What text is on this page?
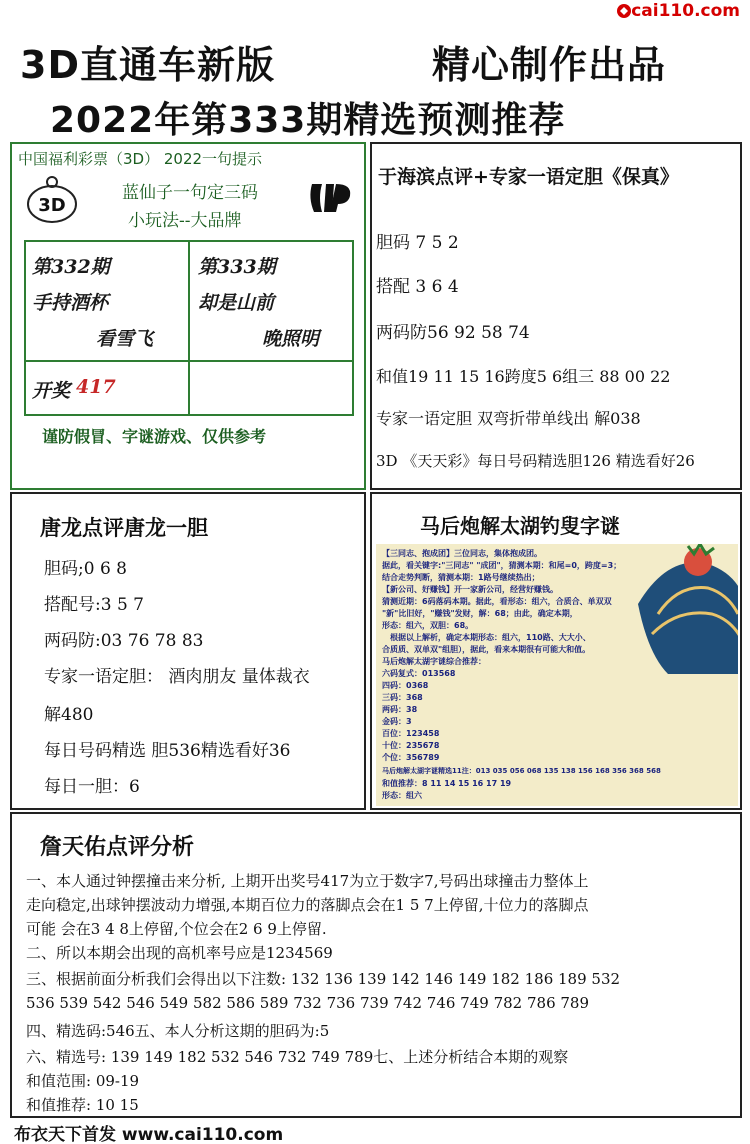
cai110.com
3D直通车新版	精心制作出品
2022年第333期精选预测推荐
中国福利彩票（3D） 2022一句提示
3D
蓝仙子一句定三码
小玩法--大品牌
第332期
手持酒杯
看雪飞
第333期
却是山前
晚照明
开奖 417
谨防假冒、字谜游戏、仅供参考
于海滨点评+专家一语定胆《保真》
胆码 7 5 2
搭配 3 6 4
两码防56 92 58 74
和值19 11 15 16跨度5 6组三 88 00 22
专家一语定胆 双弯折带单线出 解038
3D 《天天彩》每日号码精选胆126 精选看好26
唐龙点评唐龙一胆
胆码;0 6 8
搭配号:3 5 7
两码防:03 76 78 83
专家一语定胆： 酒肉朋友 量体裁衣
解480
每日号码精选 胆536精选看好36
每日一胆：6
马后炮解太湖钓叟字谜
【三同志、抱成团】三位同志，集体抱成团。
据此，看关键字:"三同志" "成团"，猜测本期：和尾=0，跨度=3；
结合走势判断，猜测本期：1路号继续热出；
【新公司、好赚钱】开一家新公司，经营好赚钱。
猜测近期：6码落码本期。据此，看形态：组六，合质合、单双双
"新"比旧好，"赚钱"发财，解：68；由此，确定本期，
形态：组六，双胆：68。
根据以上解析，确定本期形态：组六，110路、大大小、
合质质、双单双"组胆），据此，看来本期很有可能大和值。
马后炮解太湖字谜综合推荐：
六码复式：013568
四码：0368
三码：368
两码：38
金码：3
百位：123458
十位：235678
个位：356789
马后炮解太湖字谜精选11注：013 035 056 068 135 138 156 168 356 368 568
和值推荐：8 11 14 15 16 17 19
形态：组六
詹天佑点评分析
一、本人通过钟摆撞击来分析, 上期开出奖号417为立于数字7,号码出球撞击力整体上
走向稳定,出球钟摆波动力增强,本期百位力的落脚点会在1 5 7上停留,十位力的落脚点
可能 会在3 4 8上停留,个位会在2 6 9上停留.
二、所以本期会出现的高机率号应是1234569
三、根据前面分析我们会得出以下注数: 132 136 139 142 146 149 182 186 189 532
536 539 542 546 549 582 586 589 732 736 739 742 746 749 782 786 789
四、精选码:546五、本人分析这期的胆码为:5
六、精选号: 139 149 182 532 546 732 749 789七、上述分析结合本期的观察
和值范围: 09-19
和值推荐: 10 15
布衣天下首发 www.cai110.com
